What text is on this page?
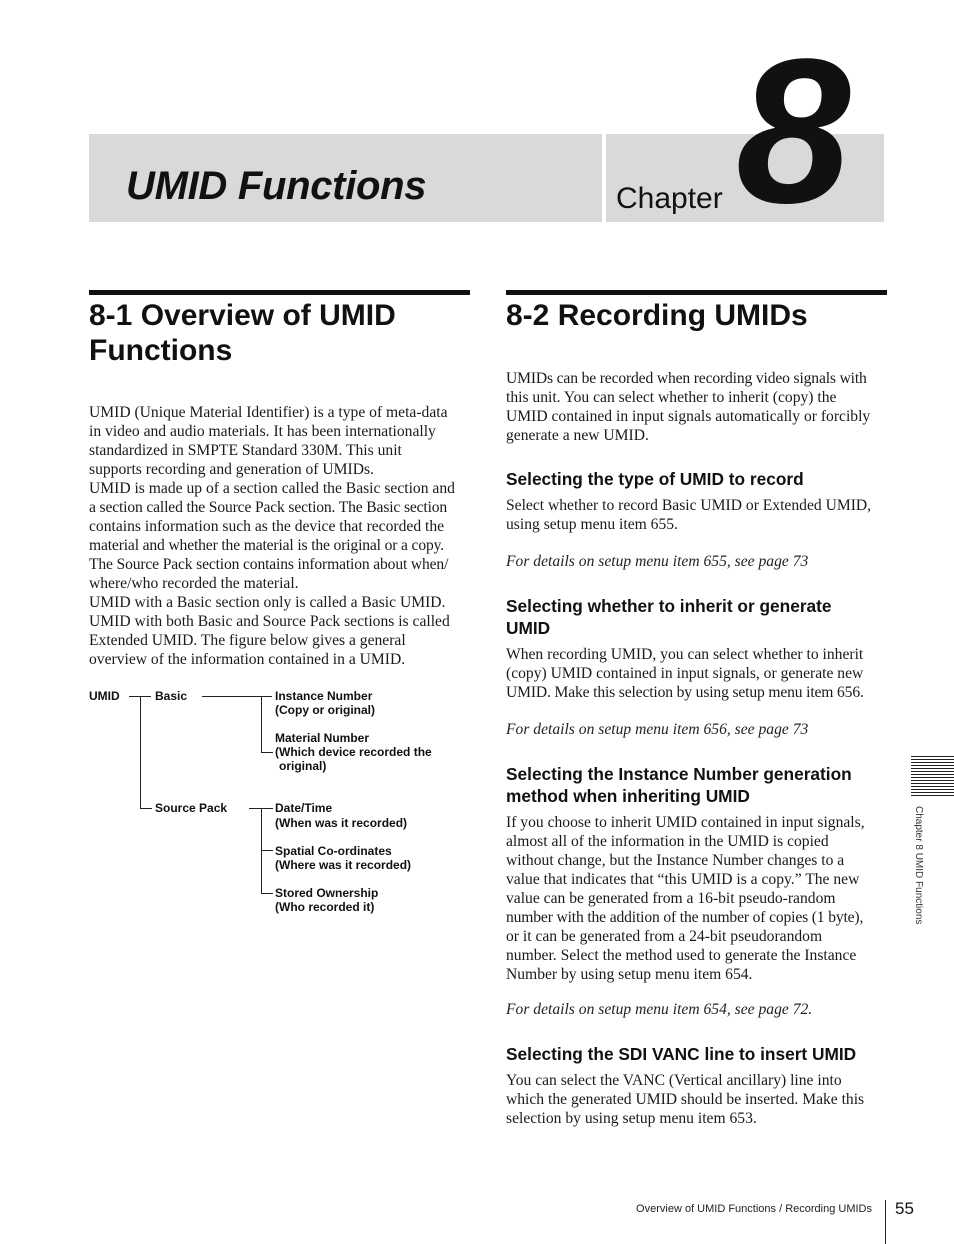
UMID Functions	Chapter 8
8-1 Overview of UMID
Functions
UMID (Unique Material Identifier) is a type of meta-data
in video and audio materials. It has been internationally
standardized in SMPTE Standard 330M. This unit
supports recording and generation of UMIDs.
UMID is made up of a section called the Basic section and
a section called the Source Pack section. The Basic section
contains information such as the device that recorded the
material and whether the material is the original or a copy.
The Source Pack section contains information about when/
where/who recorded the material.
UMID with a Basic section only is called a Basic UMID.
UMID with both Basic and Source Pack sections is called
Extended UMID. The figure below gives a general
overview of the information contained in a UMID.
UMID	Basic	Instance Number
(Copy or original)
Material Number
(Which device recorded the
original)
Source Pack	Date/Time
(When was it recorded)
Spatial Co-ordinates
(Where was it recorded)
Stored Ownership
(Who recorded it)
8-2 Recording UMIDs
UMIDs can be recorded when recording video signals with
this unit. You can select whether to inherit (copy) the
UMID contained in input signals automatically or forcibly
generate a new UMID.
Selecting the type of UMID to record
Select whether to record Basic UMID or Extended UMID,
using setup menu item 655.
For details on setup menu item 655, see page 73
Selecting whether to inherit or generate
UMID
When recording UMID, you can select whether to inherit
(copy) UMID contained in input signals, or generate new
UMID. Make this selection by using setup menu item 656.
For details on setup menu item 656, see page 73
Selecting the Instance Number generation
method when inheriting UMID
If you choose to inherit UMID contained in input signals,
almost all of the information in the UMID is copied
without change, but the Instance Number changes to a
value that indicates that “this UMID is a copy.” The new
value can be generated from a 16-bit pseudo-random
number with the addition of the number of copies (1 byte),
or it can be generated from a 24-bit pseudorandom
number. Select the method used to generate the Instance
Number by using setup menu item 654.
For details on setup menu item 654, see page 72.
Selecting the SDI VANC line to insert UMID
You can select the VANC (Vertical ancillary) line into
which the generated UMID should be inserted. Make this
selection by using setup menu item 653.
Chapter 8 UMID Functions
Overview of UMID Functions / Recording UMIDs 55
